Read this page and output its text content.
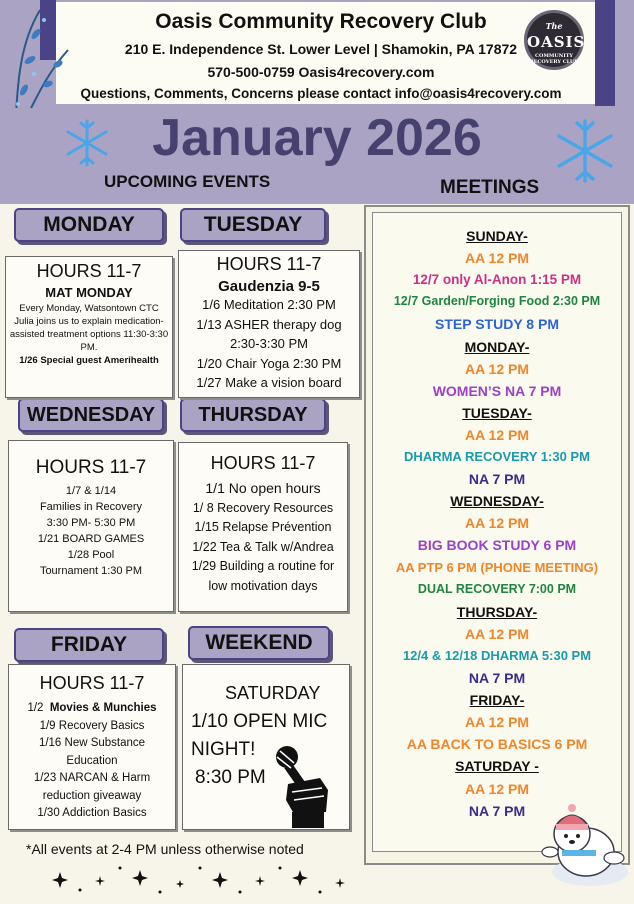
Oasis Community Recovery Club
210 E. Independence St. Lower Level | Shamokin, PA 17872
570-500-0759 Oasis4recovery.com
Questions, Comments, Concerns please contact info@oasis4recovery.com
The
OASIS
COMMUNITY RECOVERY CLUB
January 2026
UPCOMING EVENTS	MEETINGS
MONDAY	TUESDAY
WEDNESDAY	THURSDAY
FRIDAY	WEEKEND
HOURS 11-7
MAT MONDAY
Every Monday, Watsontown CTC Julia joins us to explain medication-assisted treatment options 11:30-3:30 PM.
1/26 Special guest Amerihealth
HOURS 11-7
Gaudenzia 9-5
1/6 Meditation 2:30 PM
1/13 ASHER therapy dog
2:30-3:30 PM
1/20 Chair Yoga 2:30 PM
1/27 Make a vision board
HOURS 11-7
1/7 & 1/14
Families in Recovery
3:30 PM- 5:30 PM
1/21 BOARD GAMES
1/28 Pool
Tournament 1:30 PM
HOURS 11-7
1/1 No open hours
1/ 8 Recovery Resources
1/15 Relapse Prévention
1/22 Tea & Talk w/Andrea
1/29 Building a routine for
low motivation days
HOURS 11-7
1/2 Movies & Munchies
1/9 Recovery Basics
1/16 New Substance
Education
1/23 NARCAN & Harm
reduction giveaway
1/30 Addiction Basics
SATURDAY
1/10 OPEN MIC
NIGHT!
8:30 PM
SUNDAY-
AA 12 PM
12/7 only Al-Anon 1:15 PM
12/7 Garden/Forging Food 2:30 PM
STEP STUDY 8 PM
MONDAY-
AA 12 PM
WOMEN’S NA 7 PM
TUESDAY-
AA 12 PM
DHARMA RECOVERY 1:30 PM
NA 7 PM
WEDNESDAY-
AA 12 PM
BIG BOOK STUDY 6 PM
AA PTP 6 PM (PHONE MEETING)
DUAL RECOVERY 7:00 PM
THURSDAY-
AA 12 PM
12/4 & 12/18 DHARMA 5:30 PM
NA 7 PM
FRIDAY-
AA 12 PM
AA BACK TO BASICS 6 PM
SATURDAY -
AA 12 PM
NA 7 PM
*All events at 2-4 PM unless otherwise noted
